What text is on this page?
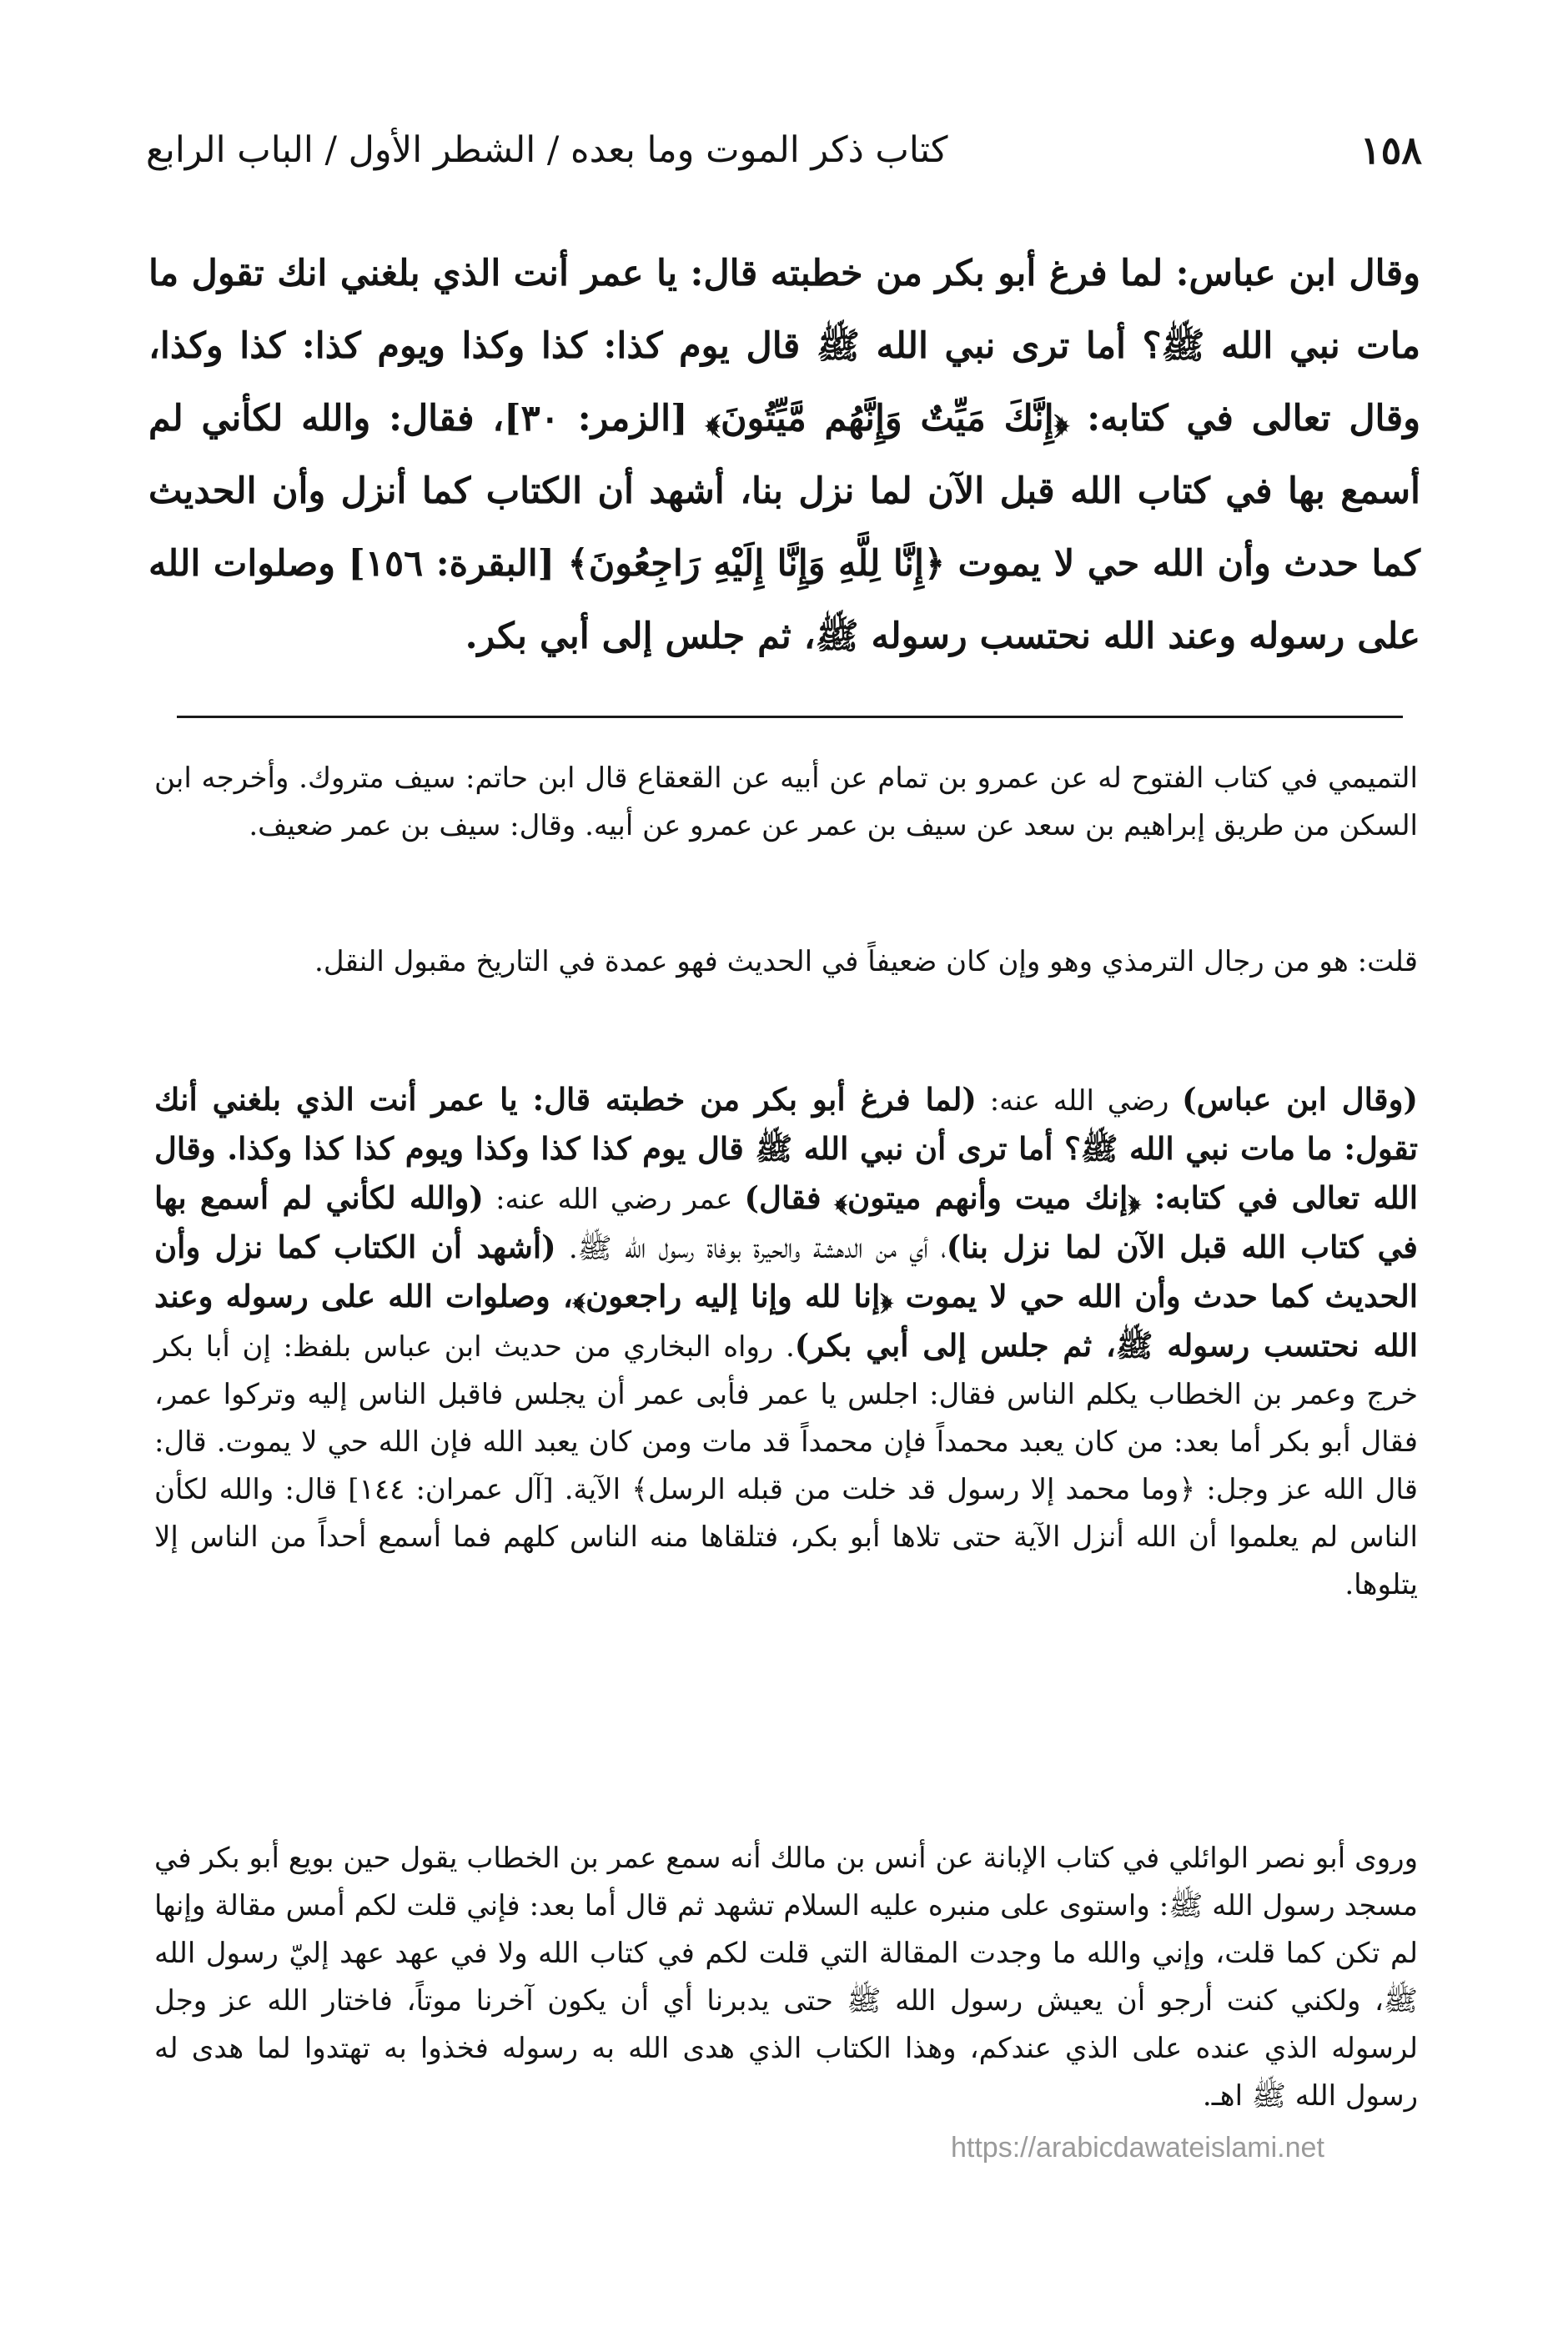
١٥٨
كتاب ذكر الموت وما بعده / الشطر الأول / الباب الرابع
وقال ابن عباس: لما فرغ أبو بكر من خطبته قال: يا عمر أنت الذي بلغني انك تقول ما مات نبي الله ﷺ؟ أما ترى نبي الله ﷺ قال يوم كذا: كذا وكذا ويوم كذا: كذا وكذا، وقال تعالى في كتابه: ﴿إِنَّكَ مَيِّتٌ وَإِنَّهُم مَّيِّتُونَ﴾ [الزمر: ٣٠]، فقال: والله لكأني لم أسمع بها في كتاب الله قبل الآن لما نزل بنا، أشهد أن الكتاب كما أنزل وأن الحديث كما حدث وأن الله حي لا يموت ﴿إِنَّا لِلَّهِ وَإِنَّا إِلَيْهِ رَاجِعُونَ﴾ [البقرة: ١٥٦] وصلوات الله على رسوله وعند الله نحتسب رسوله ﷺ، ثم جلس إلى أبي بكر.

التميمي في كتاب الفتوح له عن عمرو بن تمام عن أبيه عن القعقاع قال ابن حاتم: سيف متروك. وأخرجه ابن السكن من طريق إبراهيم بن سعد عن سيف بن عمر عن عمرو عن أبيه. وقال: سيف بن عمر ضعيف.

قلت: هو من رجال الترمذي وهو وإن كان ضعيفاً في الحديث فهو عمدة في التاريخ مقبول النقل.

(وقال ابن عباس) رضي الله عنه: (لما فرغ أبو بكر من خطبته قال: يا عمر أنت الذي بلغني أنك تقول: ما مات نبي الله ﷺ؟ أما ترى أن نبي الله ﷺ قال يوم كذا كذا وكذا ويوم كذا كذا وكذا. وقال الله تعالى في كتابه: ﴿إنك ميت وأنهم ميتون﴾ فقال) عمر رضي الله عنه: (والله لكأني لم أسمع بها في كتاب الله قبل الآن لما نزل بنا)، أي من الدهشة والحيرة بوفاة رسول الله ﷺ. (أشهد أن الكتاب كما نزل وأن الحديث كما حدث وأن الله حي لا يموت ﴿إنا لله وإنا إليه راجعون﴾، وصلوات الله على رسوله وعند الله نحتسب رسوله ﷺ، ثم جلس إلى أبي بكر). رواه البخاري من حديث ابن عباس بلفظ: إن أبا بكر خرج وعمر بن الخطاب يكلم الناس فقال: اجلس يا عمر فأبى عمر أن يجلس فاقبل الناس إليه وتركوا عمر، فقال أبو بكر أما بعد: من كان يعبد محمداً فإن محمداً قد مات ومن كان يعبد الله فإن الله حي لا يموت. قال: قال الله عز وجل: ﴿وما محمد إلا رسول قد خلت من قبله الرسل﴾ الآية. [آل عمران: ١٤٤] قال: والله لكأن الناس لم يعلموا أن الله أنزل الآية حتى تلاها أبو بكر، فتلقاها منه الناس كلهم فما أسمع أحداً من الناس إلا يتلوها.

وروى أبو نصر الوائلي في كتاب الإبانة عن أنس بن مالك أنه سمع عمر بن الخطاب يقول حين بويع أبو بكر في مسجد رسول الله ﷺ: واستوى على منبره عليه السلام تشهد ثم قال أما بعد: فإني قلت لكم أمس مقالة وإنها لم تكن كما قلت، وإني والله ما وجدت المقالة التي قلت لكم في كتاب الله ولا في عهد عهد إليّ رسول الله ﷺ، ولكني كنت أرجو أن يعيش رسول الله ﷺ حتى يدبرنا أي أن يكون آخرنا موتاً، فاختار الله عز وجل لرسوله الذي عنده على الذي عندكم، وهذا الكتاب الذي هدى الله به رسوله فخذوا به تهتدوا لما هدى له رسول الله ﷺ اهـ.

https://arabicdawateislami.net
